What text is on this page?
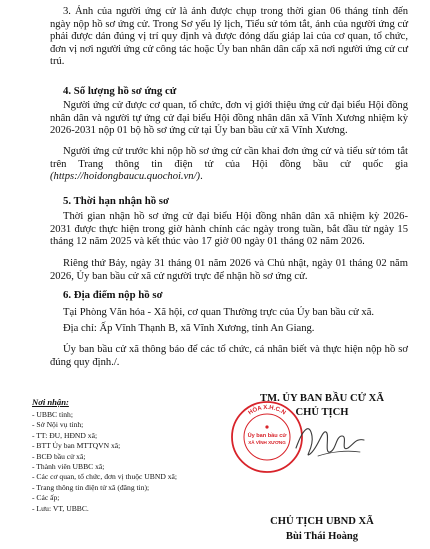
3. Ảnh của người ứng cử là ảnh được chụp trong thời gian 06 tháng tính đến ngày nộp hồ sơ ứng cử. Trong Sơ yếu lý lịch, Tiểu sử tóm tắt, ảnh của người ứng cử phải được dán đúng vị trí quy định và được đóng dấu giáp lai của cơ quan, tổ chức, đơn vị nơi người ứng cử công tác hoặc Ủy ban nhân dân cấp xã nơi người ứng cử cư trú.

4. Số lượng hồ sơ ứng cử

Người ứng cử được cơ quan, tổ chức, đơn vị giới thiệu ứng cử đại biểu Hội đồng nhân dân và người tự ứng cử đại biểu Hội đồng nhân dân xã Vĩnh Xương nhiệm kỳ 2026-2031 nộp 01 bộ hồ sơ ứng cử tại Ủy ban bầu cử xã Vĩnh Xương.

Người ứng cử trước khi nộp hồ sơ ứng cử cần khai đơn ứng cử và tiểu sử tóm tắt trên Trang thông tin điện tử của Hội đồng bầu cử quốc gia (https://hoidongbaucu.quochoi.vn/).

5. Thời hạn nhận hồ sơ

Thời gian nhận hồ sơ ứng cử đại biểu Hội đồng nhân dân xã nhiệm kỳ 2026-2031 được thực hiện trong giờ hành chính các ngày trong tuần, bắt đầu từ ngày 15 tháng 12 năm 2025 và kết thúc vào 17 giờ 00 ngày 01 tháng 02 năm 2026.

Riêng thứ Bảy, ngày 31 tháng 01 năm 2026 và Chủ nhật, ngày 01 tháng 02 năm 2026, Ủy ban bầu cử xã cử người trực để nhận hồ sơ ứng cử.

6. Địa điểm nộp hồ sơ

Tại Phòng Văn hóa - Xã hội, cơ quan Thường trực của Ủy ban bầu cử xã.

Địa chỉ: Ấp Vĩnh Thạnh B, xã Vĩnh Xương, tỉnh An Giang.

Ủy ban bầu cử xã thông báo để các tổ chức, cá nhân biết và thực hiện nộp hồ sơ đúng quy định./.

Nơi nhận:

- UBBC tỉnh;
- Sở Nội vụ tỉnh;
- TT: ĐU, HĐND xã;
- BTT Ủy ban MTTQVN xã;
- BCĐ bầu cử xã;
- Thành viên UBBC xã;
- Các cơ quan, tổ chức, đơn vị thuộc UBND xã;
- Trang thông tin điện tử xã (đăng tin);
- Các ấp;
- Lưu: VT, UBBC.

TM. ỦY BAN BẦU CỬ XÃ

CHỦ TỊCH

HÒA X.H.C.N
Ủy ban bầu cử
XÃ VĨNH XƯƠNG

CHỦ TỊCH UBND XÃ

Bùi Thái Hoàng
